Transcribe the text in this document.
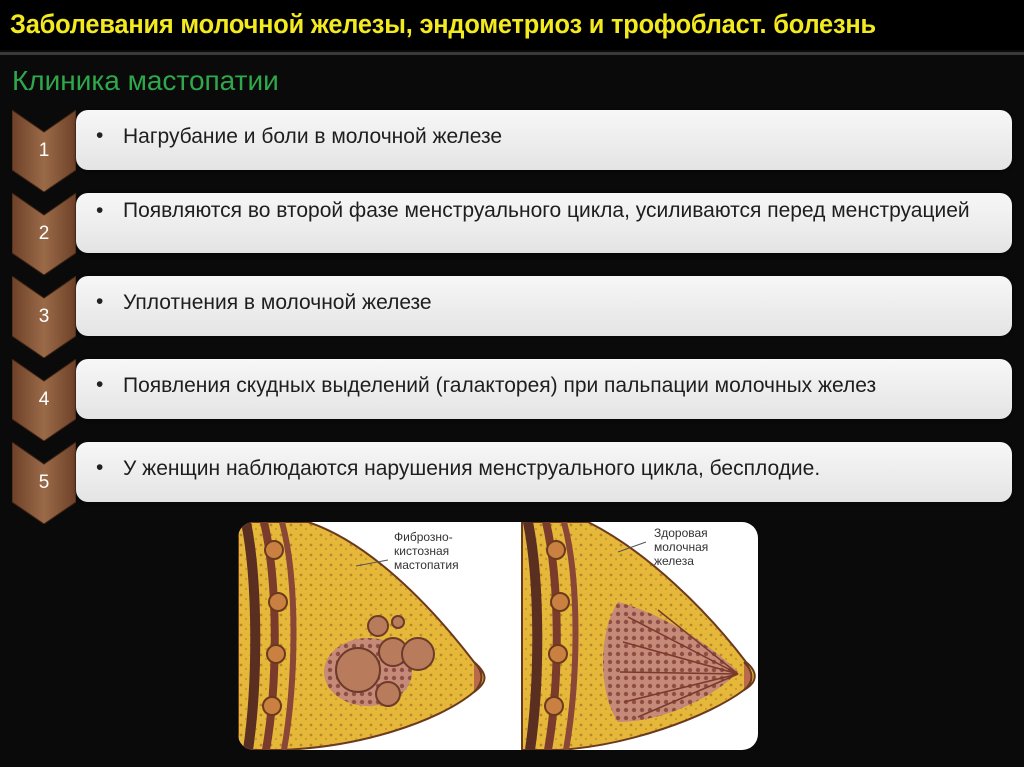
Заболевания молочной железы, эндометриоз и трофобласт. болезнь
Клиника мастопатии
1
• Нагрубание и боли в молочной железе
2
• Появляются во второй фазе менструального цикла, усиливаются перед менструацией
3
• Уплотнения в молочной железе
4
• Появления скудных выделений (галакторея) при пальпации молочных желез
5
• У женщин наблюдаются нарушения менструального цикла, бесплодие.
Фиброзно-
кистозная
мастопатия
Здоровая
молочная
железа
